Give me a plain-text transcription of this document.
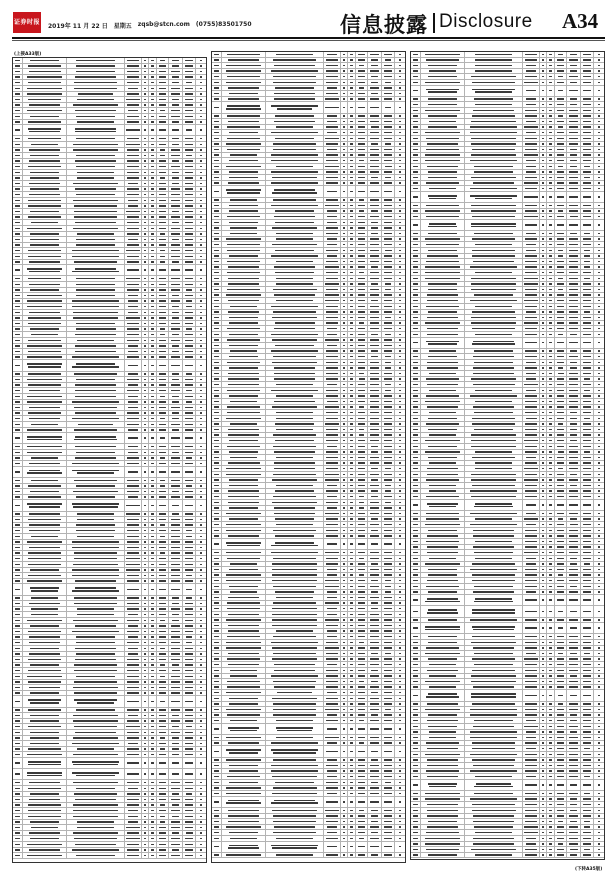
证券时报
2019年 11 月 22 日 星期五 zqsb@stcn.com (0755)83501750	信息披露 Disclosure A34
(上接A33版)
(下转A35版)
